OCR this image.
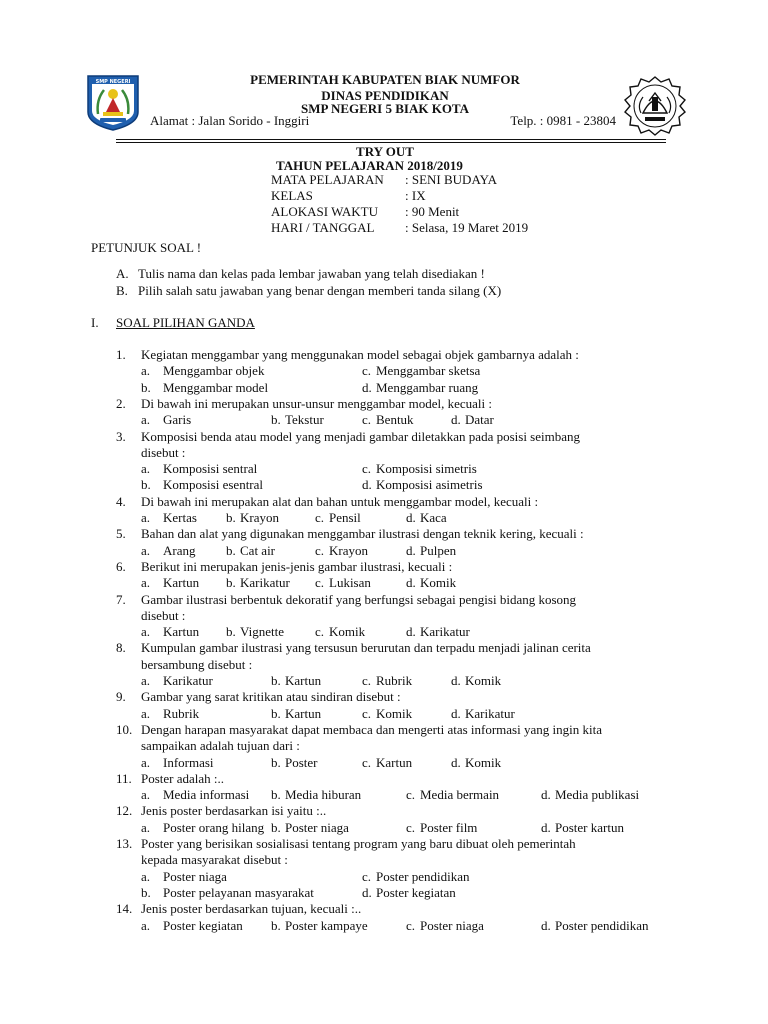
SMP NEGERI	PEMERINTAH KABUPATEN BIAK NUMFOR
DINAS PENDIDIKAN
SMP NEGERI 5 BIAK KOTA
Alamat : Jalan Sorido - Inggiri	Telp. : 0981 - 23804
TRY OUT
TAHUN PELAJARAN 2018/2019
MATA PELAJARAN : SENI BUDAYA
KELAS	: IX
ALOKASI WAKTU : 90 Menit
HARI / TANGGAL : Selasa, 19 Maret 2019
PETUNJUK SOAL !
A. Tulis nama dan kelas pada lembar jawaban yang telah disediakan !
B. Pilih salah satu jawaban yang benar dengan memberi tanda silang (X)
I. SOAL PILIHAN GANDA
1. Kegiatan menggambar yang menggunakan model sebagai objek gambarnya adalah :
a. Menggambar objek	c. Menggambar sketsa
b. Menggambar model	d. Menggambar ruang
2. Di bawah ini merupakan unsur-unsur menggambar model, kecuali :
a. Garis	b. Tekstur	c. Bentuk	d. Datar
3. Komposisi benda atau model yang menjadi gambar diletakkan pada posisi seimbang
disebut :
a. Komposisi sentral	c. Komposisi simetris
b. Komposisi esentral	d. Komposisi asimetris
4. Di bawah ini merupakan alat dan bahan untuk menggambar model, kecuali :
a. Kertas b. Krayon	c. Pensil	d. Kaca
5. Bahan dan alat yang digunakan menggambar ilustrasi dengan teknik kering, kecuali :
a. Arang b. Cat air	c. Krayon	d. Pulpen
6. Berikut ini merupakan jenis-jenis gambar ilustrasi, kecuali :
a. Kartun b. Karikatur c. Lukisan	d. Komik
7. Gambar ilustrasi berbentuk dekoratif yang berfungsi sebagai pengisi bidang kosong
disebut :
a. Kartun b. Vignette c. Komik	d. Karikatur
8. Kumpulan gambar ilustrasi yang tersusun berurutan dan terpadu menjadi jalinan cerita
bersambung disebut :
a. Karikatur	b. Kartun	c. Rubrik	d. Komik
9. Gambar yang sarat kritikan atau sindiran disebut :
a. Rubrik	b. Kartun	c. Komik	d. Karikatur
10. Dengan harapan masyarakat dapat membaca dan mengerti atas informasi yang ingin kita
sampaikan adalah tujuan dari :
a. Informasi	b. Poster	c. Kartun	d. Komik
11. Poster adalah :..
a. Media informasi b. Media hiburan	c. Media bermain	d. Media publikasi
12. Jenis poster berdasarkan isi yaitu :..
a. Poster orang hilang b. Poster niaga	c. Poster film	d. Poster kartun
13. Poster yang berisikan sosialisasi tentang program yang baru dibuat oleh pemerintah
kepada masyarakat disebut :
a. Poster niaga	c. Poster pendidikan
b. Poster pelayanan masyarakat	d. Poster kegiatan
14. Jenis poster berdasarkan tujuan, kecuali :..
a. Poster kegiatan b. Poster kampaye	c. Poster niaga	d. Poster pendidikan
